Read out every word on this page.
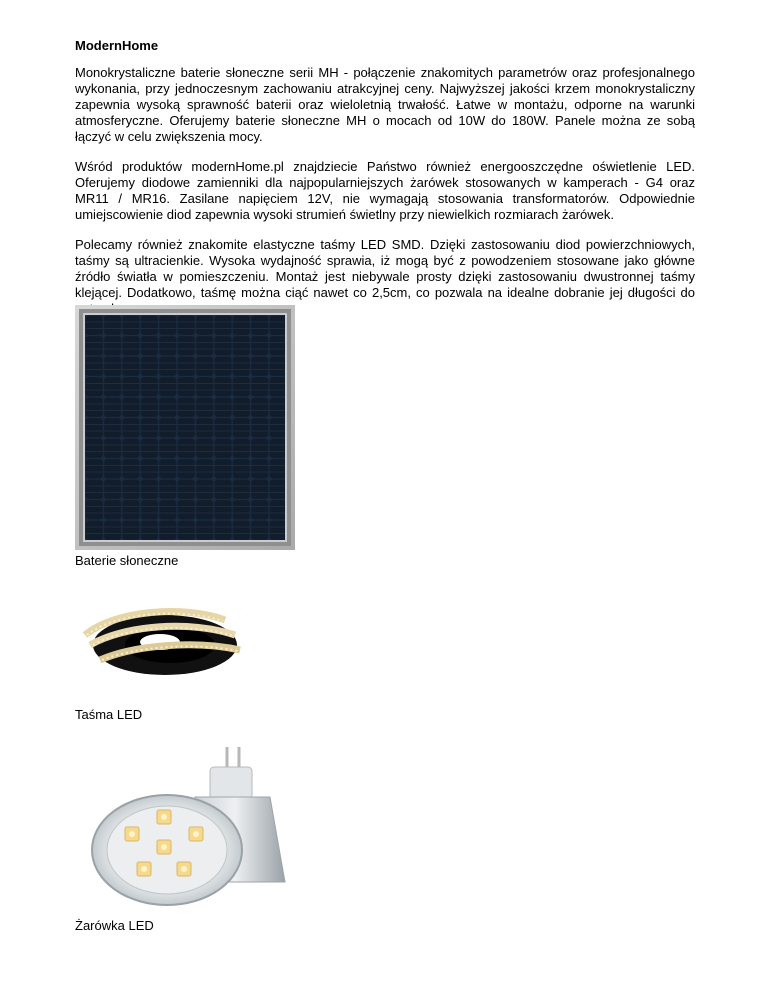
ModernHome

Monokrystaliczne baterie słoneczne serii MH - połączenie znakomitych parametrów oraz profesjonalnego wykonania, przy jednoczesnym zachowaniu atrakcyjnej ceny. Najwyższej jakości krzem monokrystaliczny zapewnia wysoką sprawność baterii oraz wieloletnią trwałość. Łatwe w montażu, odporne na warunki atmosferyczne. Oferujemy baterie słoneczne MH o mocach od 10W do 180W. Panele można ze sobą łączyć w celu zwiększenia mocy.

Wśród produktów modernHome.pl znajdziecie Państwo również energooszczędne oświetlenie LED. Oferujemy diodowe zamienniki dla najpopularniejszych żarówek stosowanych w kamperach - G4 oraz MR11 / MR16. Zasilane napięciem 12V, nie wymagają stosowania transformatorów. Odpowiednie umiejscowienie diod zapewnia wysoki strumień świetlny przy niewielkich rozmiarach żarówek.

Polecamy również znakomite elastyczne taśmy LED SMD. Dzięki zastosowaniu diod powierzchniowych, taśmy są ultracienkie. Wysoka wydajność sprawia, iż mogą być z powodzeniem stosowane jako główne źródło światła w pomieszczeniu. Montaż jest niebywale prosty dzięki zastosowaniu dwustronnej taśmy klejącej. Dodatkowo, taśmę można ciąć nawet co 2,5cm, co pozwala na idealne dobranie jej długości do

Baterie słoneczne
Taśma LED
Żarówka LED
